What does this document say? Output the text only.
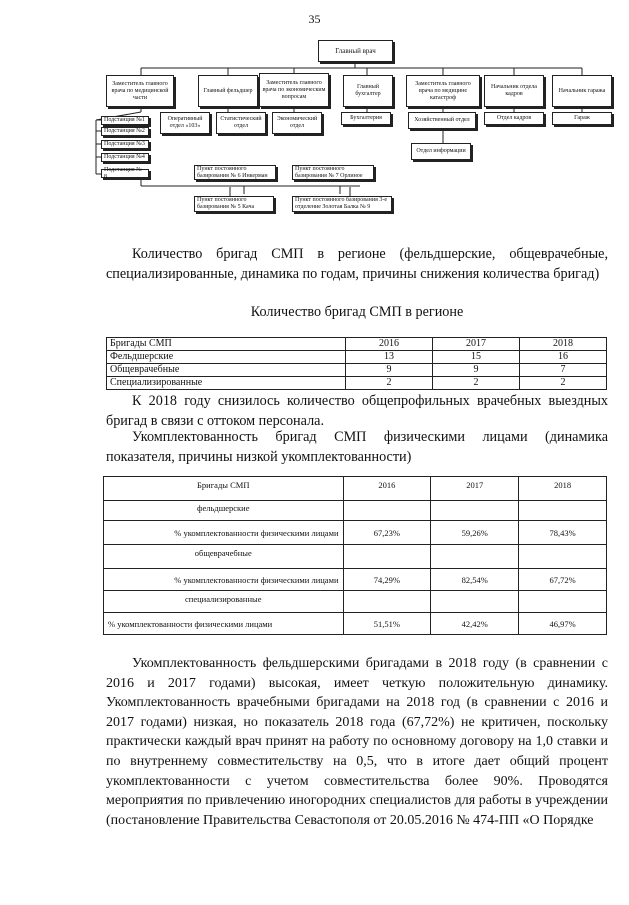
35
Главный врач
Заместитель главного врача по медицинской части
Главный фельдшер
Заместитель главного врача по экономическим вопросам
Главный бухгалтер
Заместитель главного врача по медицине катастроф
Начальник отдела кадров
Начальник гаража
Подстанция №1
Подстанция №2
Подстанция №3
Подстанция №4
Подстанция № 8
Оперативный отдел «103»
Статистический отдел
Экономический отдел
Бухгалтерия	Хозяйственный отдел	Отдел кадров	Гараж
Отдел информации
Пункт постоянного базирования № 6 Инкерман
Пункт постоянного базирования № 7 Орлиное
Пункт постоянного базирования № 5 Кача
Пункт постоянного базирования 3-е отделение Золотая Балка № 9
Количество бригад СМП в регионе (фельдшерские, общеврачебные, специализированные, динамика по годам, причины снижения количества бригад)
Количество бригад СМП в регионе
Бригады СМП	2016	2017	2018
Фельдшерские	13	15	16
Общеврачебные	9	9	7
Специализированные	2	2	2
К 2018 году снизилось количество общепрофильных врачебных выездных бригад в связи с оттоком персонала.
Укомплектованность бригад СМП физическими лицами (динамика показателя, причины низкой укомплектованности)
Бригады СМП	2016	2017	2018
фельдшерские			
% укомплектованности физическими лицами	67,23%	59,26%	78,43%
общеврачебные			
% укомплектованности физическими лицами	74,29%	82,54%	67,72%
специализированные			
% укомплектованности физическими лицами	51,51%	42,42%	46,97%
Укомплектованность фельдшерскими бригадами в 2018 году (в сравнении с 2016 и 2017 годами) высокая, имеет четкую положительную динамику. Укомплектованность врачебными бригадами на 2018 год (в сравнении с 2016 и 2017 годами) низкая, но показатель 2018 года (67,72%) не критичен, поскольку практически каждый врач принят на работу по основному договору на 1,0 ставки и по внутреннему совместительству на 0,5, что в итоге дает общий процент укомплектованности с учетом совместительства более 90%. Проводятся мероприятия по привлечению иногородних специалистов для работы в учреждении (постановление Правительства Севастополя от 20.05.2016 № 474-ПП «О Порядке
